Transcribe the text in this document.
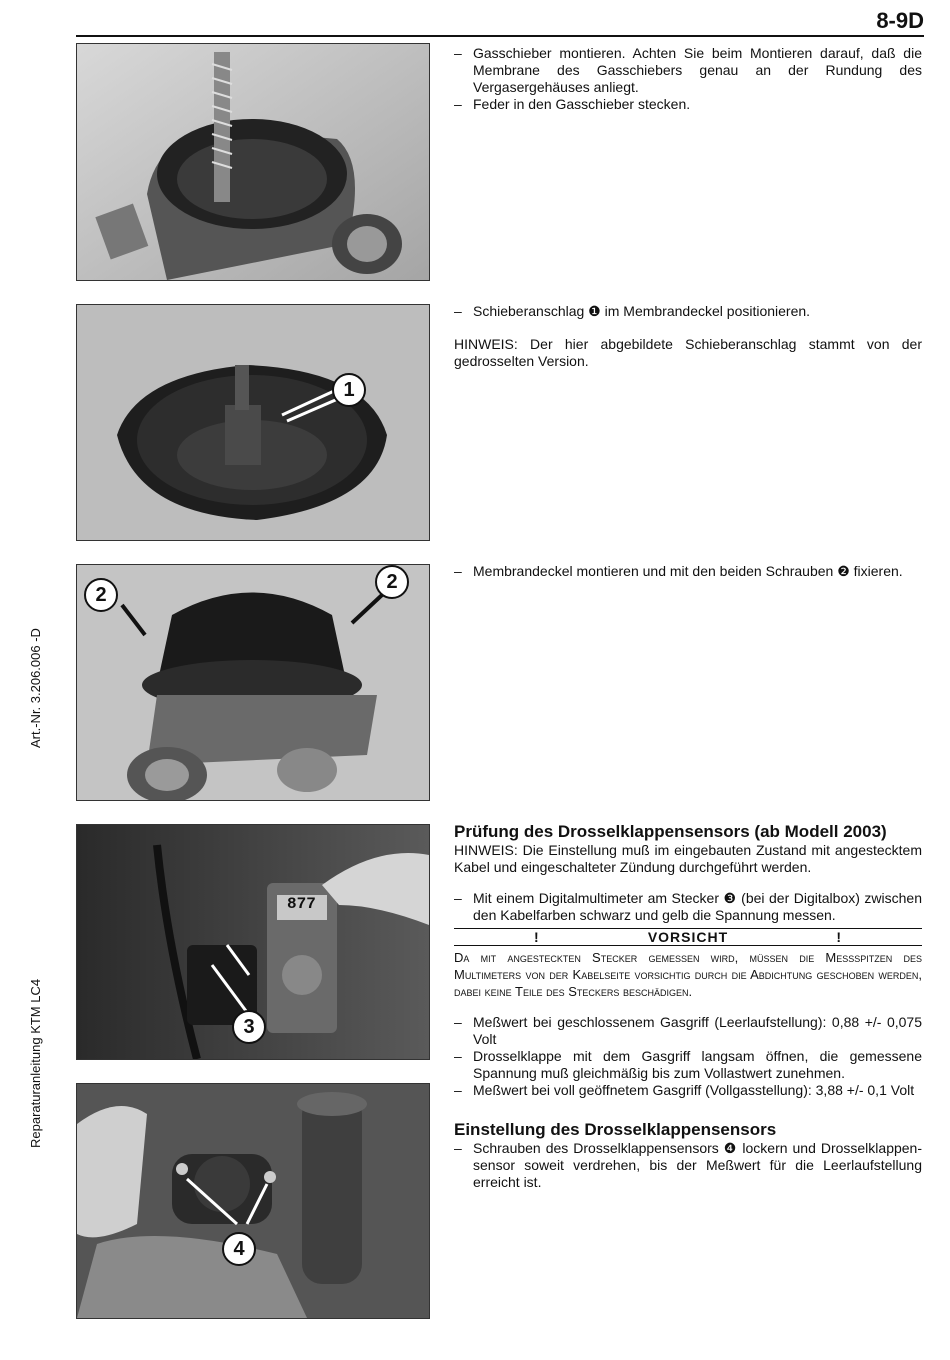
8-9D
Art.-Nr. 3.206.006 -D
Reparaturanleitung KTM LC4
1
2
2
877
3
4
– Gasschieber montieren. Achten Sie beim Montieren darauf, daß die Membrane des Gasschiebers genau an der Rundung des Vergasergehäuses anliegt.
– Feder in den Gasschieber stecken.
– Schieberanschlag ❶ im Membrandeckel positionieren.
HINWEIS: Der hier abgebildete Schieberanschlag stammt von der gedrosselten Version.
– Membrandeckel montieren und mit den beiden Schrauben ❷ fixieren.
Prüfung des Drosselklappensensors (ab Modell 2003)
HINWEIS: Die Einstellung muß im eingebauten Zustand mit angestecktem Kabel und eingeschalteter Zündung durchgeführt werden.
– Mit einem Digitalmultimeter am Stecker ❸ (bei der Digitalbox) zwischen den Kabelfarben schwarz und gelb die Spannung messen.
!	VORSICHT	!
Da mit angesteckten Stecker gemessen wird, müssen die Messspitzen des Multimeters von der Kabelseite vorsichtig durch die Abdichtung geschoben werden, dabei keine Teile des Steckers beschädigen.
– Meßwert bei geschlossenem Gasgriff (Leerlaufstellung): 0,88 +/- 0,075 Volt
– Drosselklappe mit dem Gasgriff langsam öffnen, die gemessene Spannung muß gleichmäßig bis zum Vollastwert zunehmen.
– Meßwert bei voll geöffnetem Gasgriff (Vollgasstellung): 3,88 +/- 0,1 Volt
Einstellung des Drosselklappensensors
– Schrauben des Drosselklappensensors ❹ lockern und Drosselklappen-sensor soweit verdrehen, bis der Meßwert für die Leerlaufstellung erreicht ist.
